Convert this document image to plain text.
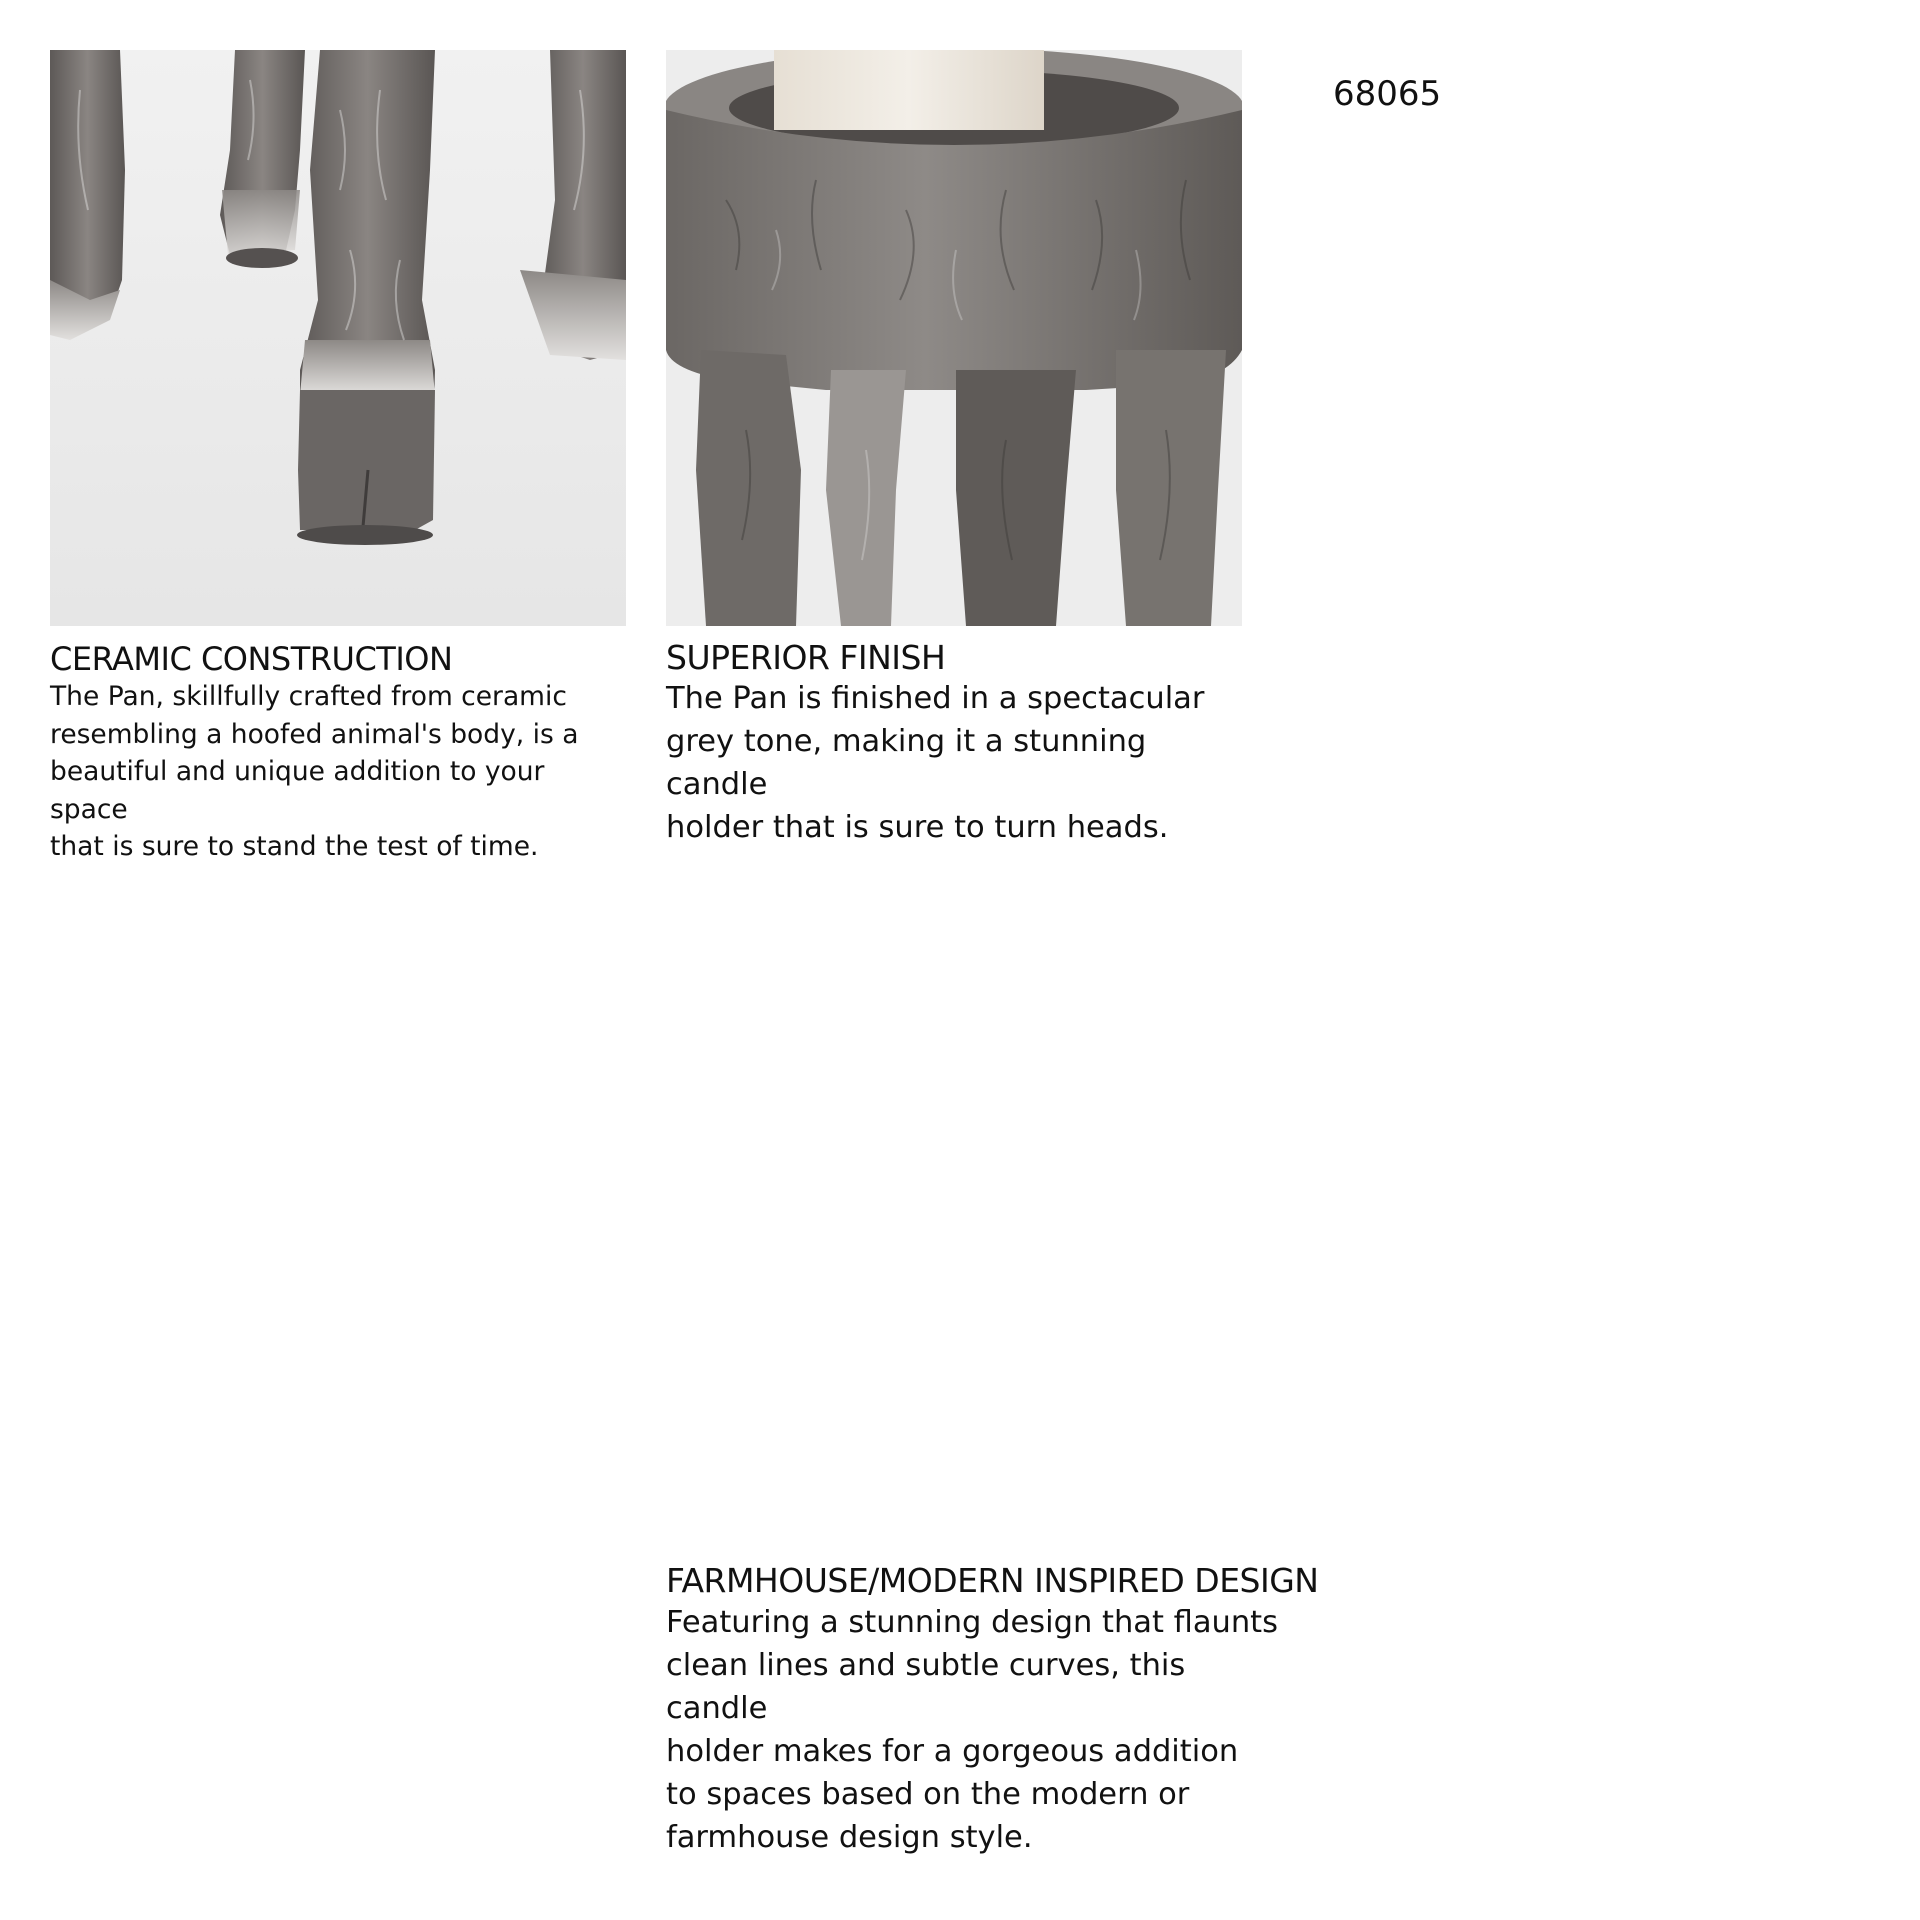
68065
CERAMIC CONSTRUCTION

The Pan, skillfully crafted from ceramic
resembling a hoofed animal's body, is a
beautiful and unique addition to your space
that is sure to stand the test of time.

SUPERIOR FINISH

The Pan is finished in a spectacular
grey tone, making it a stunning candle
holder that is sure to turn heads.

FARMHOUSE/MODERN INSPIRED DESIGN

Featuring a stunning design that flaunts
clean lines and subtle curves, this candle
holder makes for a gorgeous addition
to spaces based on the modern or
farmhouse design style.
